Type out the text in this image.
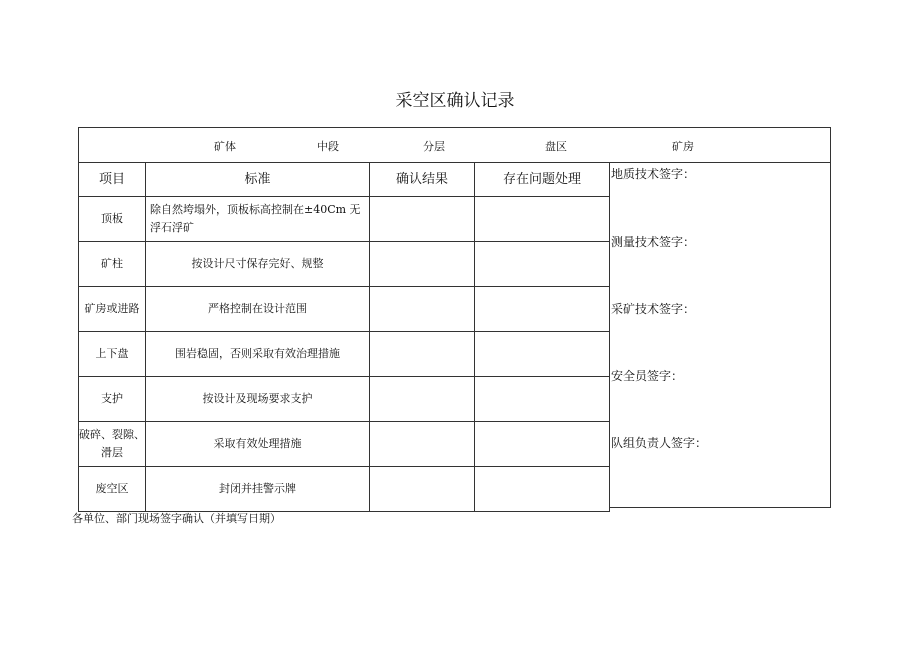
采空区确认记录
矿体	中段	分层	盘区	矿房
项目	标准	确认结果	存在问题处理
顶板	除自然垮塌外，顶板标高控制在±40Cm 无浮石浮矿		
矿柱	按设计尺寸保存完好、规整		
矿房或进路	严格控制在设计范围		
上下盘	围岩稳固，否则采取有效治理措施		
支护	按设计及现场要求支护		
破碎、裂隙、滑层	采取有效处理措施		
废空区	封闭并挂警示牌		
地质技术签字：
测量技术签字：
采矿技术签字：
安全员签字：
队组负责人签字：
各单位、部门现场签字确认（并填写日期）
